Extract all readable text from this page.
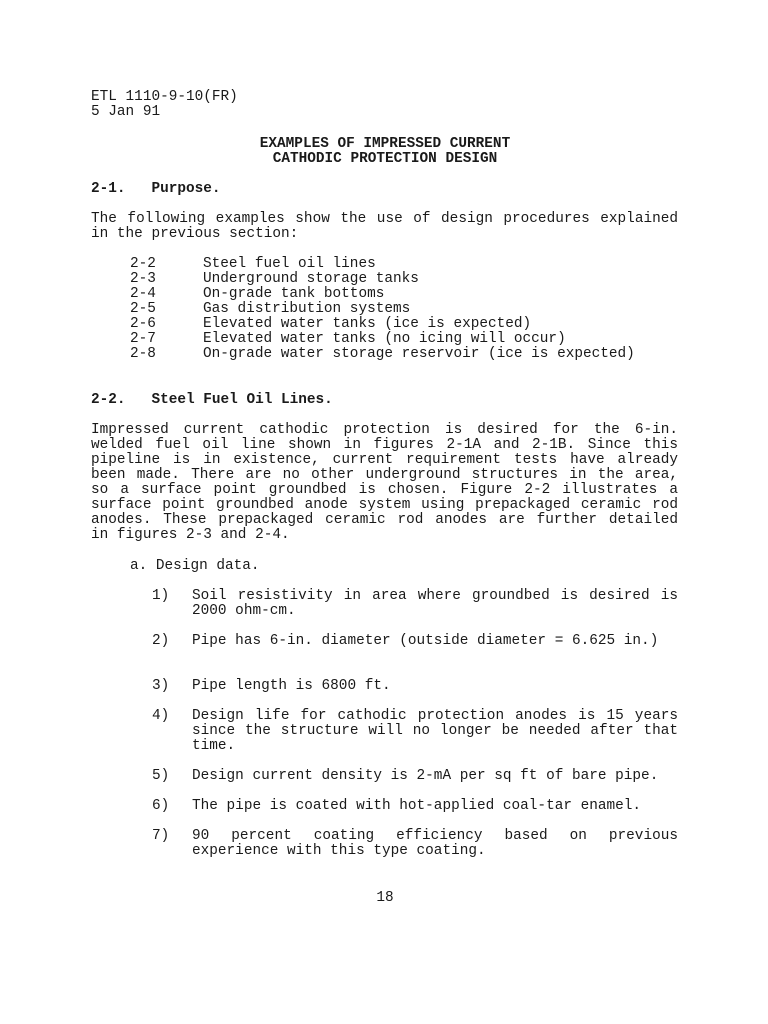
ETL 1110-9-10(FR)
5 Jan 91
EXAMPLES OF IMPRESSED CURRENT
CATHODIC PROTECTION DESIGN
2-1.   Purpose.
The following examples show the use of design procedures explained in the previous section:
2-2	Steel fuel oil lines
2-3	Underground storage tanks
2-4	On-grade tank bottoms
2-5	Gas distribution systems
2-6	Elevated water tanks (ice is expected)
2-7	Elevated water tanks (no icing will occur)
2-8	On-grade water storage reservoir (ice is expected)
2-2.   Steel Fuel Oil Lines.
Impressed current cathodic protection is desired for the 6-in. welded fuel oil line shown in figures 2-1A and 2-1B. Since this pipeline is in existence, current requirement tests have already been made. There are no other underground structures in the area, so a surface point groundbed is chosen. Figure 2-2 illustrates a surface point groundbed anode system using prepackaged ceramic rod anodes. These prepackaged ceramic rod anodes are further detailed in figures 2-3 and 2-4.
a. Design data.
1)	Soil resistivity in area where groundbed is desired is 2000 ohm-cm.
2)	Pipe has 6-in. diameter (outside diameter = 6.625 in.)
3)	Pipe length is 6800 ft.
4)	Design life for cathodic protection anodes is 15 years since the structure will no longer be needed after that time.
5)	Design current density is 2-mA per sq ft of bare pipe.
6)	The pipe is coated with hot-applied coal-tar enamel.
7)	90 percent coating efficiency based on previous experience with this type coating.
18
